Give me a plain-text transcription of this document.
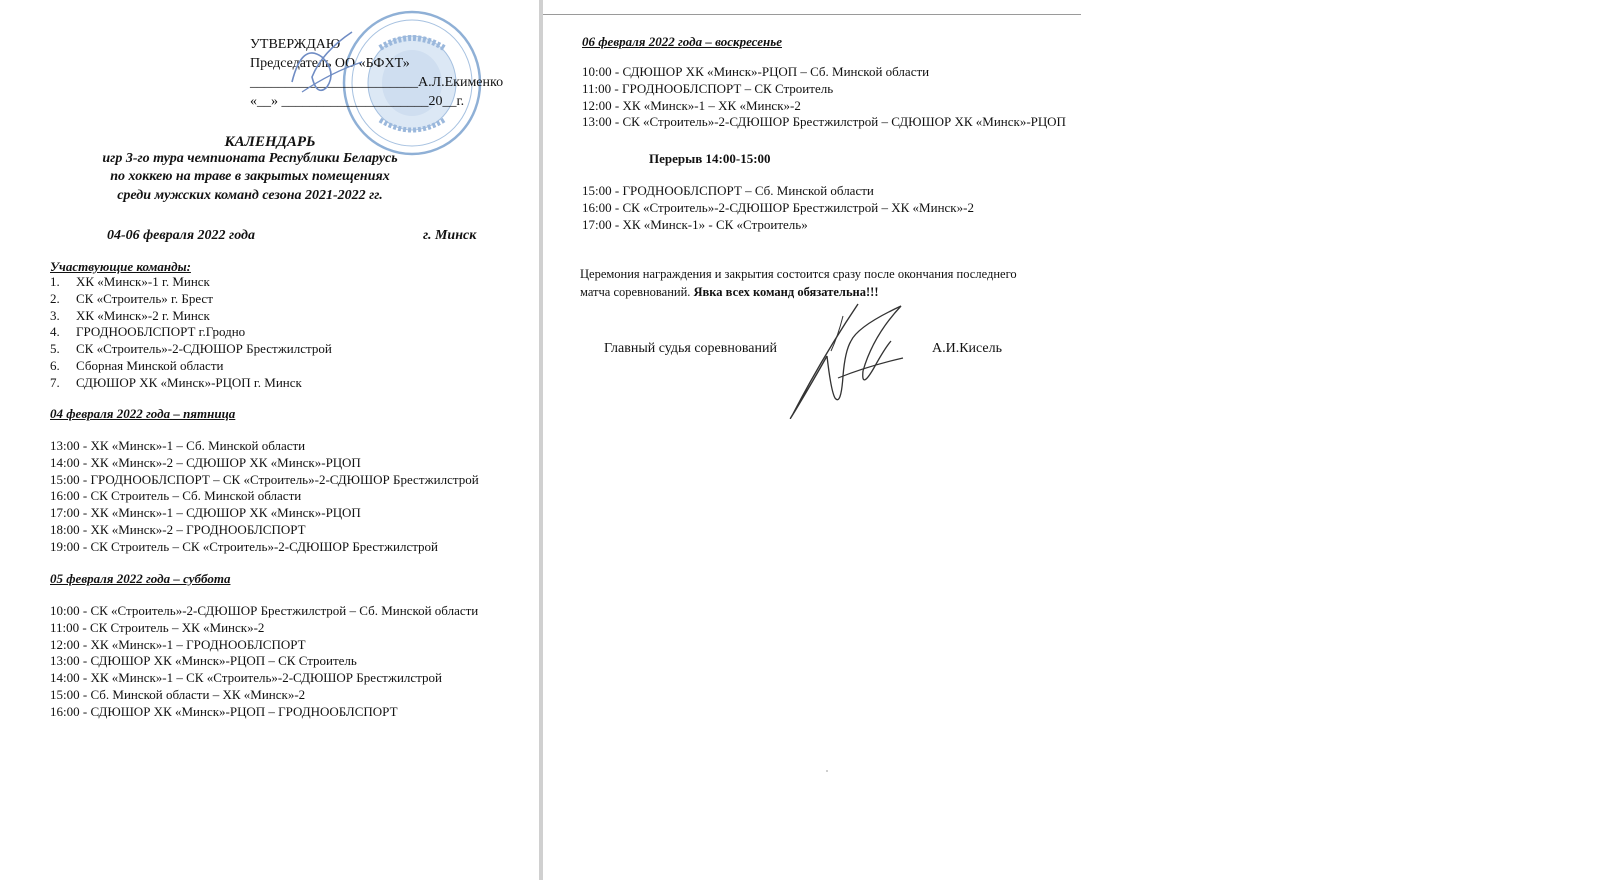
УТВЕРЖДАЮ
Председатель ОО «БФХТ»
________________________А.Л.Екименко
«__» _____________________20__г.
КАЛЕНДАРЬ
игр 3-го тура чемпионата Республики Беларусь
по хоккею на траве в закрытых помещениях
среди мужских команд сезона 2021-2022 гг.
04-06 февраля 2022 года	г. Минск
Участвующие команды:
1. ХК «Минск»-1 г. Минск
2. СК «Строитель» г. Брест
3. ХК «Минск»-2 г. Минск
4. ГРОДНООБЛСПОРТ г.Гродно
5. СК «Строитель»-2-СДЮШОР Брестжилстрой
6. Сборная Минской области
7. СДЮШОР ХК «Минск»-РЦОП г. Минск
04 февраля 2022 года – пятница
13:00 - ХК «Минск»-1 – Сб. Минской области
14:00 - ХК «Минск»-2 – СДЮШОР ХК «Минск»-РЦОП
15:00 - ГРОДНООБЛСПОРТ – СК «Строитель»-2-СДЮШОР Брестжилстрой
16:00 - СК Строитель – Сб. Минской области
17:00 - ХК «Минск»-1 – СДЮШОР ХК «Минск»-РЦОП
18:00 - ХК «Минск»-2 – ГРОДНООБЛСПОРТ
19:00 - СК Строитель – СК «Строитель»-2-СДЮШОР Брестжилстрой
05 февраля 2022 года – суббота
10:00 - СК «Строитель»-2-СДЮШОР Брестжилстрой – Сб. Минской области
11:00 - СК Строитель – ХК «Минск»-2
12:00 - ХК «Минск»-1 – ГРОДНООБЛСПОРТ
13:00 - СДЮШОР ХК «Минск»-РЦОП – СК Строитель
14:00 - ХК «Минск»-1 – СК «Строитель»-2-СДЮШОР Брестжилстрой
15:00 - Сб. Минской области – ХК «Минск»-2
16:00 - СДЮШОР ХК «Минск»-РЦОП – ГРОДНООБЛСПОРТ
06 февраля 2022 года – воскресенье
10:00 - СДЮШОР ХК «Минск»-РЦОП – Сб. Минской области
11:00 - ГРОДНООБЛСПОРТ – СК Строитель
12:00 - ХК «Минск»-1 – ХК «Минск»-2
13:00 - СК «Строитель»-2-СДЮШОР Брестжилстрой – СДЮШОР ХК «Минск»-РЦОП
Перерыв 14:00-15:00
15:00 - ГРОДНООБЛСПОРТ – Сб. Минской области
16:00 - СК «Строитель»-2-СДЮШОР Брестжилстрой – ХК «Минск»-2
17:00 - ХК «Минск-1» - СК «Строитель»
Церемония награждения и закрытия состоится сразу после окончания последнего
матча соревнований. Явка всех команд обязательна!!!
Главный судья соревнований	А.И.Кисель
